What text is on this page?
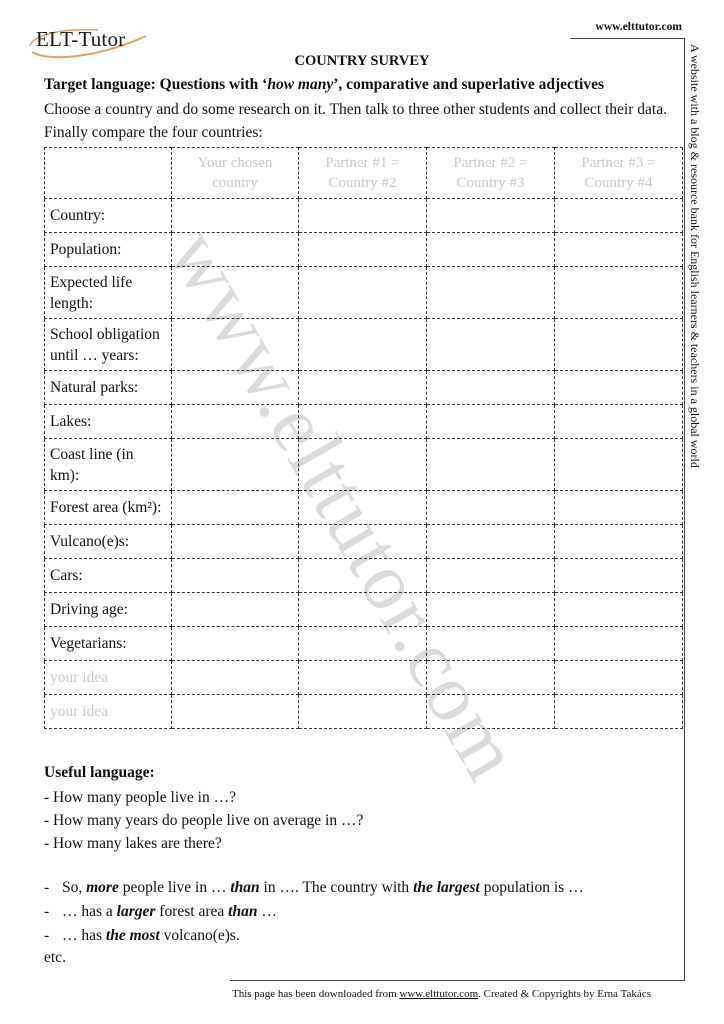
ELT-Tutor	www.elttutor.com
A website with a blog & resource bank for English learners & teachers in a global world
www.elttutor.com
COUNTRY SURVEY
Target language: Questions with ‘how many’, comparative and superlative adjectives
Choose a country and do some research on it. Then talk to three other students and collect their data. Finally compare the four countries:
	Your chosen country	Partner #1 = Country #2	Partner #2 = Country #3	Partner #3 = Country #4
Country:				
Population:				
Expected life length:				
School obligation until … years:				
Natural parks:				
Lakes:				
Coast line (in km):				
Forest area (km²):				
Vulcano(e)s:				
Cars:				
Driving age:				
Vegetarians:				
your idea				
your idea				
Useful language:
- How many people live in …?
- How many years do people live on average in …?
- How many lakes are there?
- So, more people live in … than in …. The country with the largest population is …
- … has a larger forest area than …
- … has the most volcano(e)s.
etc.
This page has been downloaded from www.elttutor.com. Created & Copyrights by Erna Takács
